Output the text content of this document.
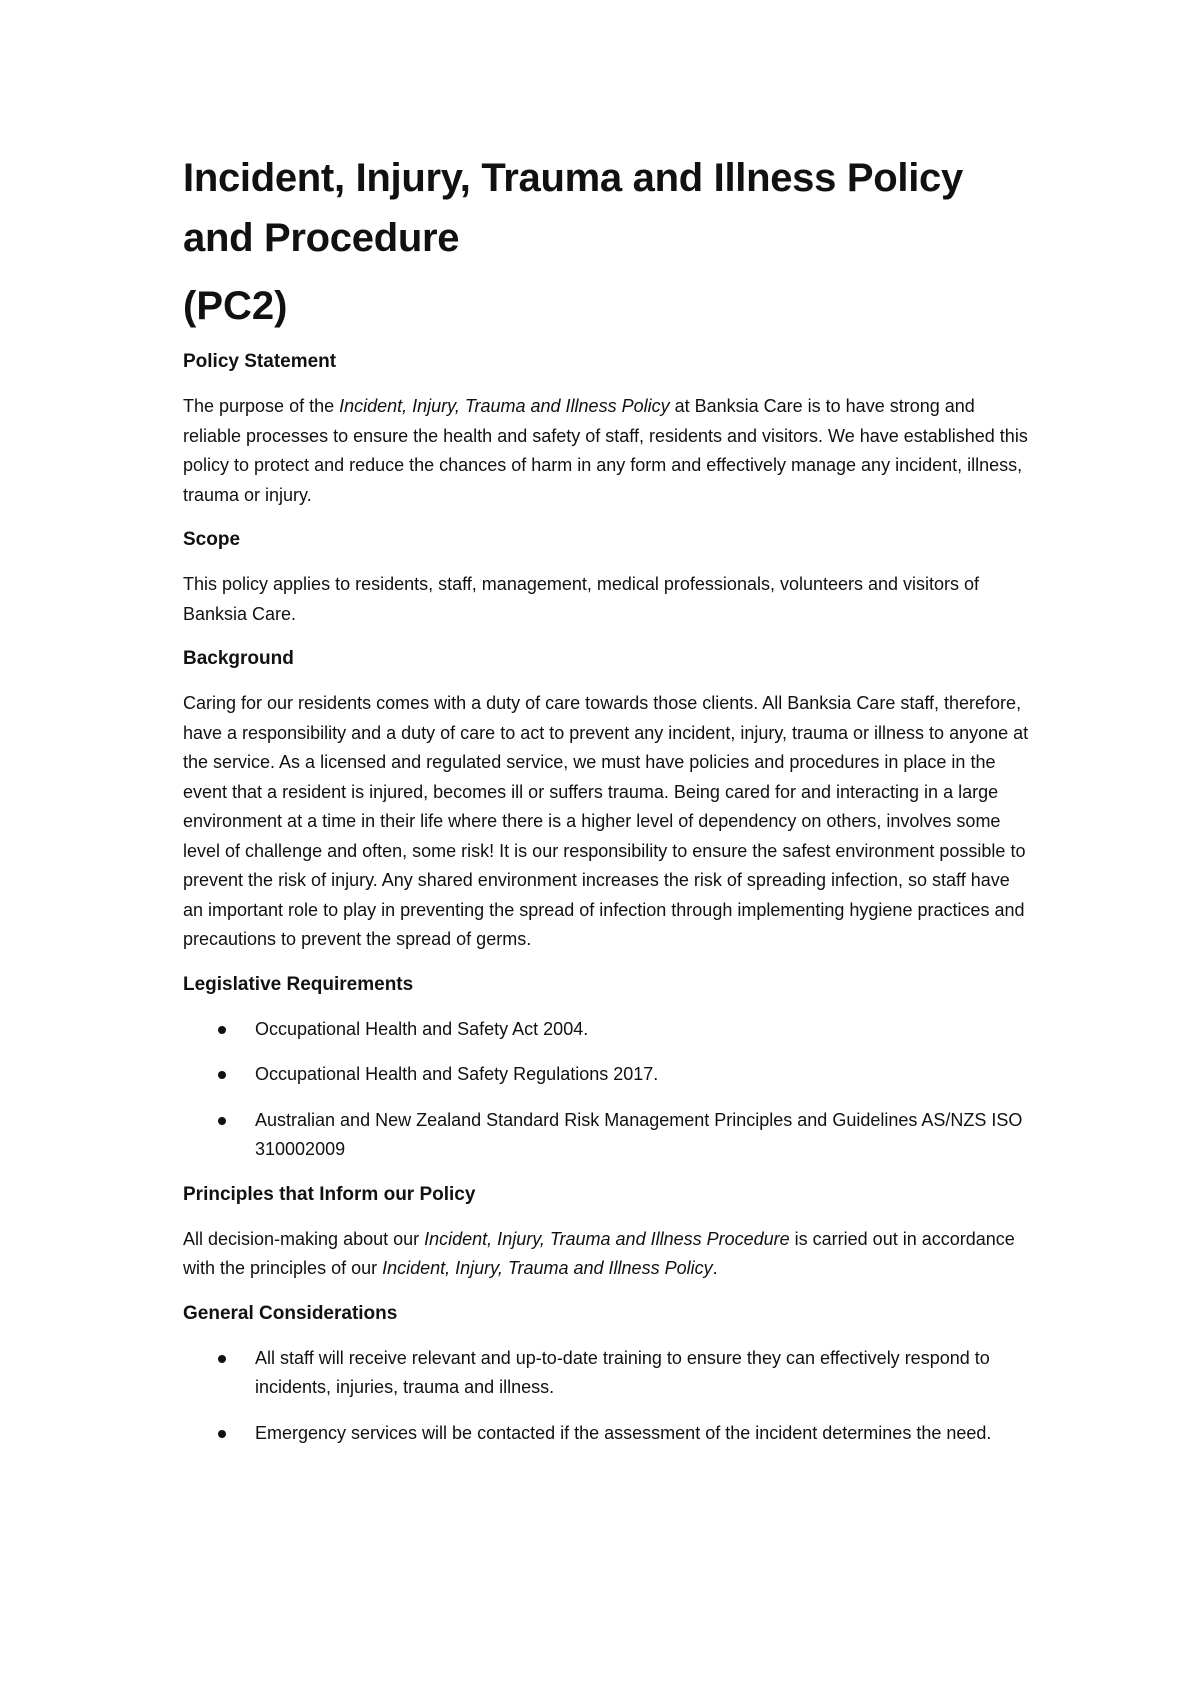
Incident, Injury, Trauma and Illness Policy
and Procedure
(PC2)
Policy Statement

The purpose of the Incident, Injury, Trauma and Illness Policy at Banksia Care is to have strong and reliable processes to ensure the health and safety of staff, residents and visitors. We have established this policy to protect and reduce the chances of harm in any form and effectively manage any incident, illness, trauma or injury.

Scope

This policy applies to residents, staff, management, medical professionals, volunteers and visitors of Banksia Care.

Background

Caring for our residents comes with a duty of care towards those clients. All Banksia Care staff, therefore, have a responsibility and a duty of care to act to prevent any incident, injury, trauma or illness to anyone at the service. As a licensed and regulated service, we must have policies and procedures in place in the event that a resident is injured, becomes ill or suffers trauma. Being cared for and interacting in a large environment at a time in their life where there is a higher level of dependency on others, involves some level of challenge and often, some risk! It is our responsibility to ensure the safest environment possible to prevent the risk of injury. Any shared environment increases the risk of spreading infection, so staff have an important role to play in preventing the spread of infection through implementing hygiene practices and precautions to prevent the spread of germs.

Legislative Requirements
Occupational Health and Safety Act 2004.
Occupational Health and Safety Regulations 2017.
Australian and New Zealand Standard Risk Management Principles and Guidelines AS/NZS ISO 310002009
Principles that Inform our Policy

All decision-making about our Incident, Injury, Trauma and Illness Procedure is carried out in accordance with the principles of our Incident, Injury, Trauma and Illness Policy.

General Considerations
All staff will receive relevant and up-to-date training to ensure they can effectively respond to incidents, injuries, trauma and illness.
Emergency services will be contacted if the assessment of the incident determines the need.
